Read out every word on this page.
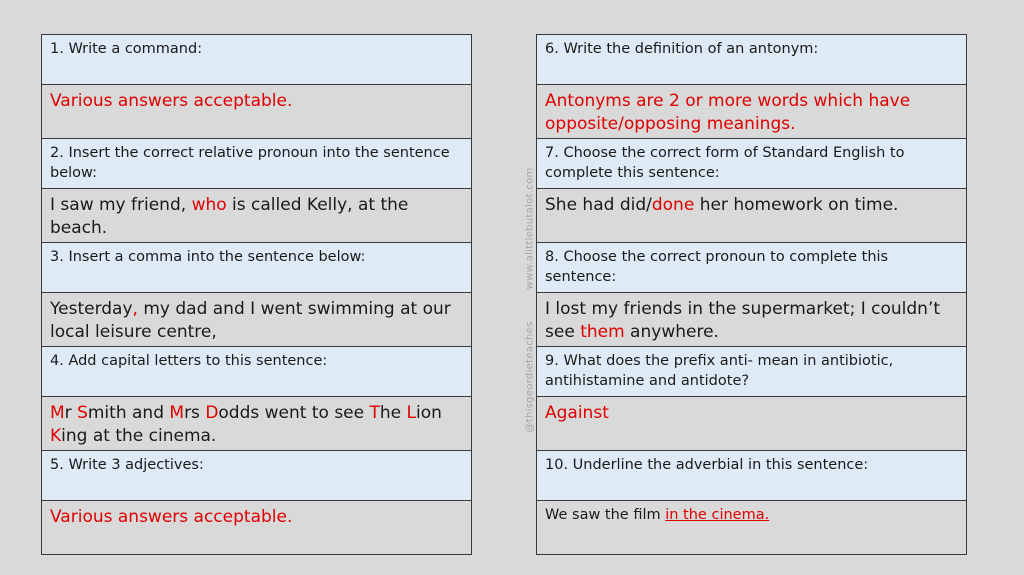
1. Write a command:
Various answers acceptable.
2. Insert the correct relative pronoun into the sentence below:
I saw my friend, who is called Kelly, at the beach.
3. Insert a comma into the sentence below:
Yesterday, my dad and I went swimming at our local leisure centre,
4. Add capital letters to this sentence:
Mr Smith and Mrs Dodds went to see The Lion King at the cinema.
5. Write 3 adjectives:
Various answers acceptable.
6. Write the definition of an antonym:
Antonyms are 2 or more words which have opposite/opposing meanings.
7. Choose the correct form of Standard English to complete this sentence:
She had did/done her homework on time.
8. Choose the correct pronoun to complete this sentence:
I lost my friends in the supermarket; I couldn’t see them anywhere.
9. What does the prefix anti- mean in antibiotic, antihistamine and antidote?
Against
10. Underline the adverbial in this sentence:
We saw the film in the cinema.
@thisgeordieteacheswww.alittlebutalot.com
